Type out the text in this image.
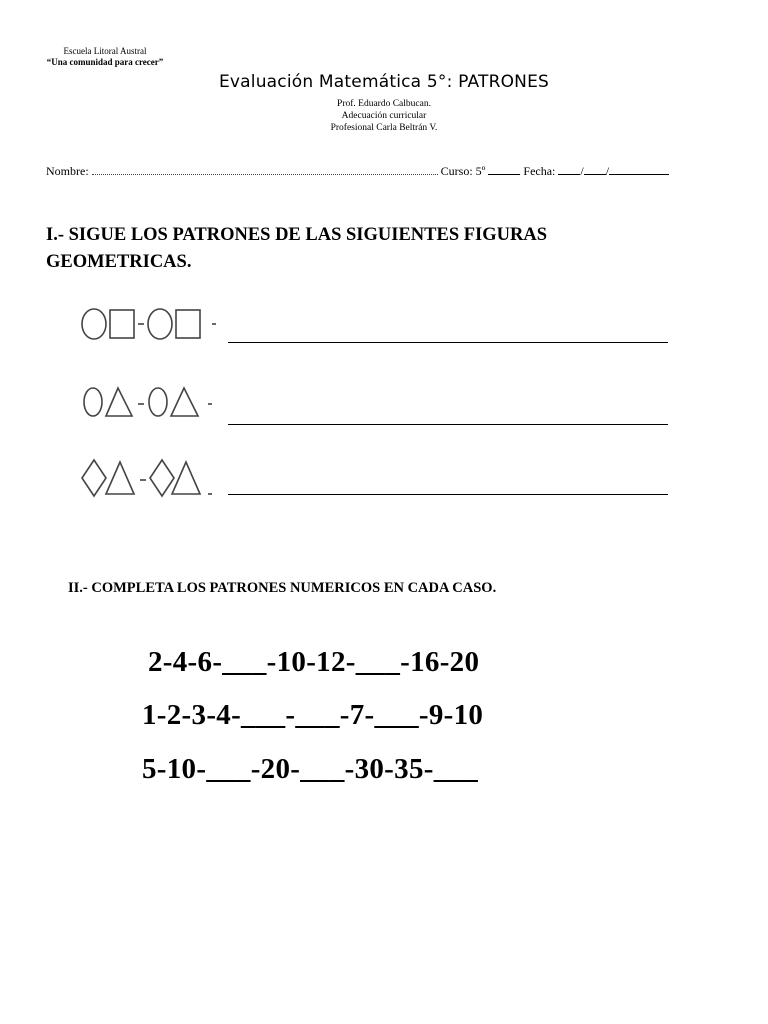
Escuela Litoral Austral
“Una comunidad para crecer”
Evaluación Matemática 5°: PATRONES
Prof. Eduardo Calbucan.
Adecuación curricular
Profesional Carla Beltrán V.
Nombre:	Curso: 5º	Fecha: / /
I.- SIGUE LOS PATRONES DE LAS SIGUIENTES FIGURAS GEOMETRICAS.
II.- COMPLETA LOS PATRONES NUMERICOS EN CADA CASO.
2-4-6-___-10-12-___-16-20
1-2-3-4-___-___-7-___-9-10
5-10-___-20-___-30-35-___
